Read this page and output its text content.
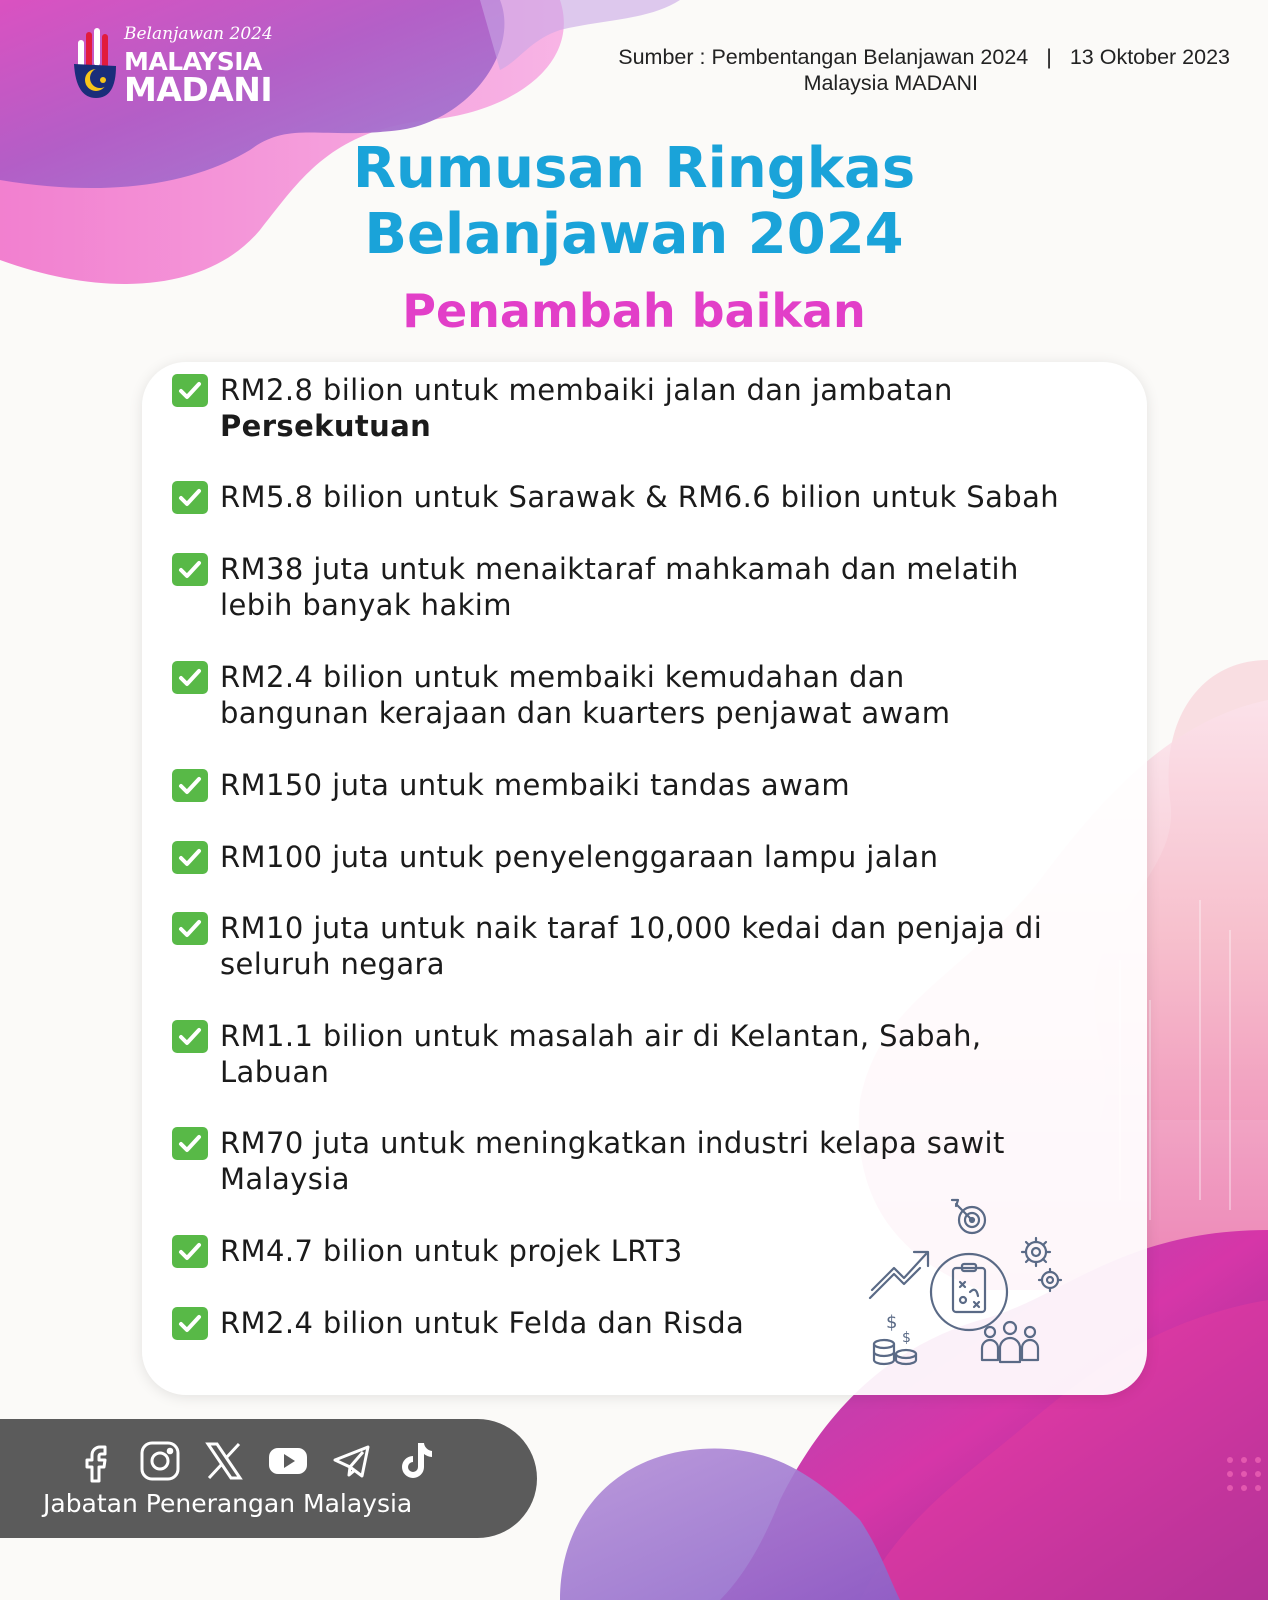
Belanjawan 2024
MALAYSIA
MADANI
Sumber : Pembentangan Belanjawan 2024 | 13 Oktober 2023
Malaysia MADANI
Rumusan Ringkas
Belanjawan 2024
Penambah baikan
RM2.8 bilion untuk membaiki jalan dan jambatan
Persekutuan
RM5.8 bilion untuk Sarawak & RM6.6 bilion untuk Sabah
RM38 juta untuk menaiktaraf mahkamah dan melatih lebih banyak hakim
RM2.4 bilion untuk membaiki kemudahan dan bangunan kerajaan dan kuarters penjawat awam
RM150 juta untuk membaiki tandas awam
RM100 juta untuk penyelenggaraan lampu jalan
RM10 juta untuk naik taraf 10,000 kedai dan penjaja di seluruh negara
RM1.1 bilion untuk masalah air di Kelantan, Sabah, Labuan
RM70 juta untuk meningkatkan industri kelapa sawit Malaysia
RM4.7 bilion untuk projek LRT3
RM2.4 bilion untuk Felda dan Risda	$
$
Jabatan Penerangan Malaysia
